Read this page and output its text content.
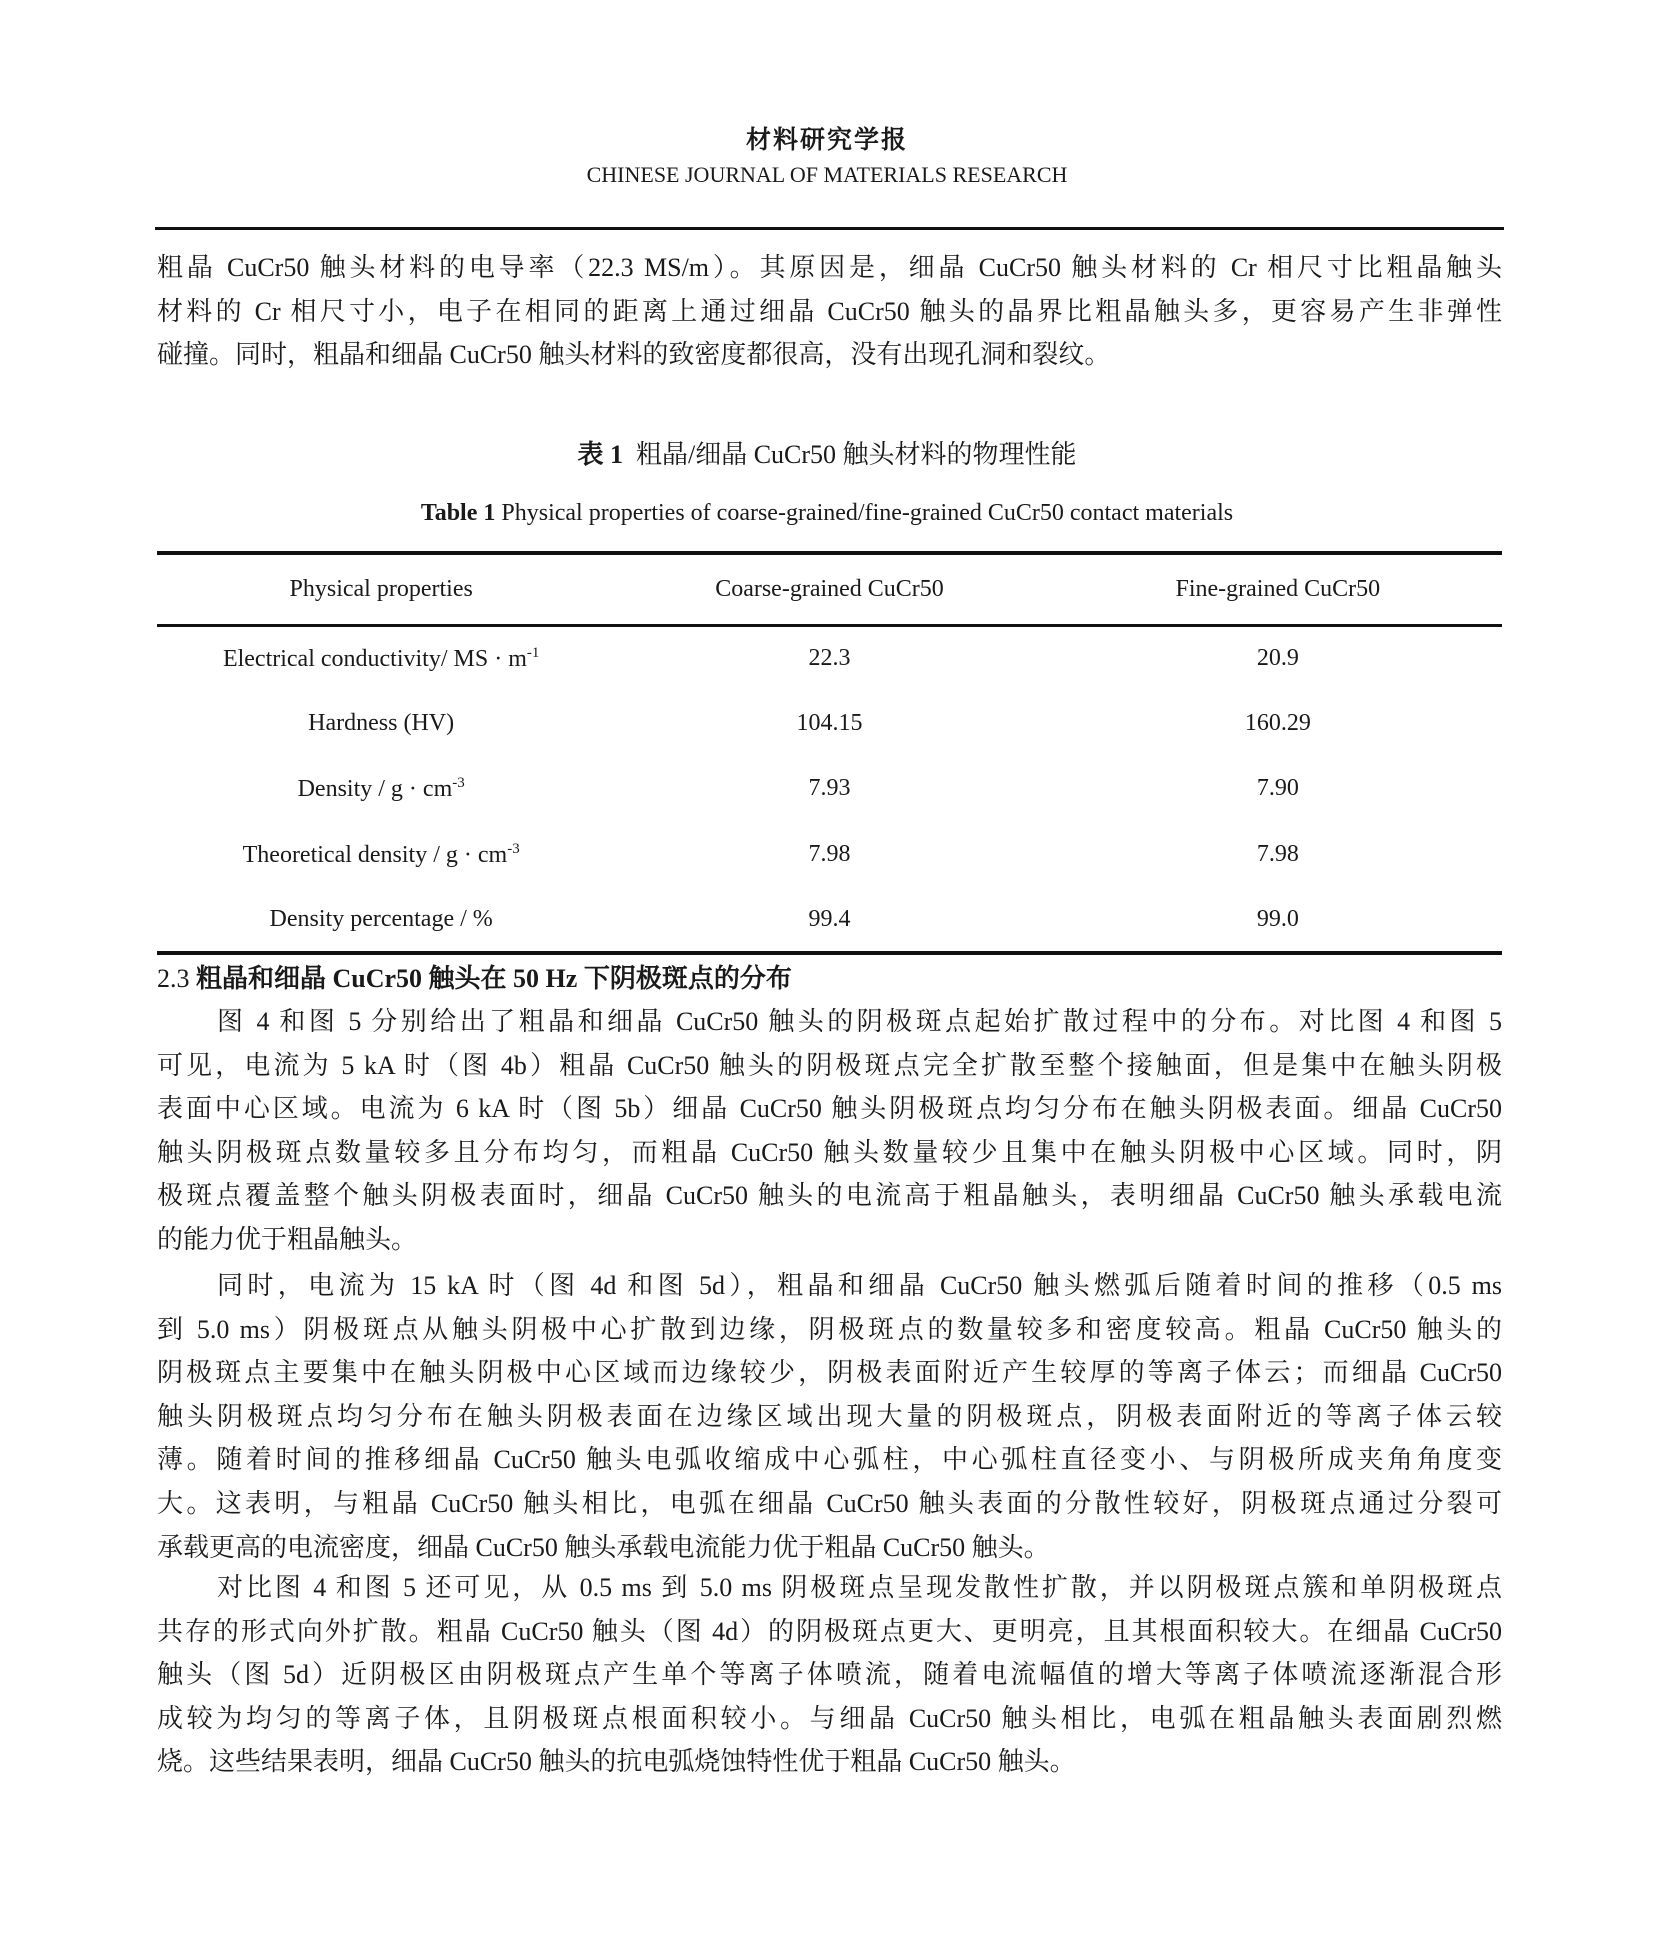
材料研究学报
CHINESE JOURNAL OF MATERIALS RESEARCH
粗晶 CuCr50 触头材料的电导率（22.3 MS/m）。其原因是，细晶 CuCr50 触头材料的 Cr 相尺寸比粗晶触头
材料的 Cr 相尺寸小，电子在相同的距离上通过细晶 CuCr50 触头的晶界比粗晶触头多，更容易产生非弹性
碰撞。同时，粗晶和细晶 CuCr50 触头材料的致密度都很高，没有出现孔洞和裂纹。
表 1 粗晶/细晶 CuCr50 触头材料的物理性能
Table 1 Physical properties of coarse-grained/fine-grained CuCr50 contact materials
Physical properties	Coarse-grained CuCr50	Fine-grained CuCr50
Electrical conductivity/ MS · $m^{-1}$	22.3	20.9
Hardness (HV)	104.15	160.29
Density / $g \cdot cm^{-3}$	7.93	7.90
Theoretical density / $g \cdot cm^{-3}$	7.98	7.98
Density percentage / %	99.4	99.0
2.3 粗晶和细晶 CuCr50 触头在 50 Hz 下阴极斑点的分布
图 4 和图 5 分别给出了粗晶和细晶 CuCr50 触头的阴极斑点起始扩散过程中的分布。对比图 4 和图 5
可见，电流为 5 kA 时（图 4b）粗晶 CuCr50 触头的阴极斑点完全扩散至整个接触面，但是集中在触头阴极
表面中心区域。电流为 6 kA 时（图 5b）细晶 CuCr50 触头阴极斑点均匀分布在触头阴极表面。细晶 CuCr50
触头阴极斑点数量较多且分布均匀，而粗晶 CuCr50 触头数量较少且集中在触头阴极中心区域。同时，阴
极斑点覆盖整个触头阴极表面时，细晶 CuCr50 触头的电流高于粗晶触头，表明细晶 CuCr50 触头承载电流
的能力优于粗晶触头。
同时，电流为 15 kA 时（图 4d 和图 5d），粗晶和细晶 CuCr50 触头燃弧后随着时间的推移（0.5 ms
到 5.0 ms）阴极斑点从触头阴极中心扩散到边缘，阴极斑点的数量较多和密度较高。粗晶 CuCr50 触头的
阴极斑点主要集中在触头阴极中心区域而边缘较少，阴极表面附近产生较厚的等离子体云；而细晶 CuCr50
触头阴极斑点均匀分布在触头阴极表面在边缘区域出现大量的阴极斑点，阴极表面附近的等离子体云较
薄。随着时间的推移细晶 CuCr50 触头电弧收缩成中心弧柱，中心弧柱直径变小、与阴极所成夹角角度变
大。这表明，与粗晶 CuCr50 触头相比，电弧在细晶 CuCr50 触头表面的分散性较好，阴极斑点通过分裂可
承载更高的电流密度，细晶 CuCr50 触头承载电流能力优于粗晶 CuCr50 触头。
对比图 4 和图 5 还可见，从 0.5 ms 到 5.0 ms 阴极斑点呈现发散性扩散，并以阴极斑点簇和单阴极斑点
共存的形式向外扩散。粗晶 CuCr50 触头（图 4d）的阴极斑点更大、更明亮，且其根面积较大。在细晶 CuCr50
触头（图 5d）近阴极区由阴极斑点产生单个等离子体喷流，随着电流幅值的增大等离子体喷流逐渐混合形
成较为均匀的等离子体，且阴极斑点根面积较小。与细晶 CuCr50 触头相比，电弧在粗晶触头表面剧烈燃
烧。这些结果表明，细晶 CuCr50 触头的抗电弧烧蚀特性优于粗晶 CuCr50 触头。
